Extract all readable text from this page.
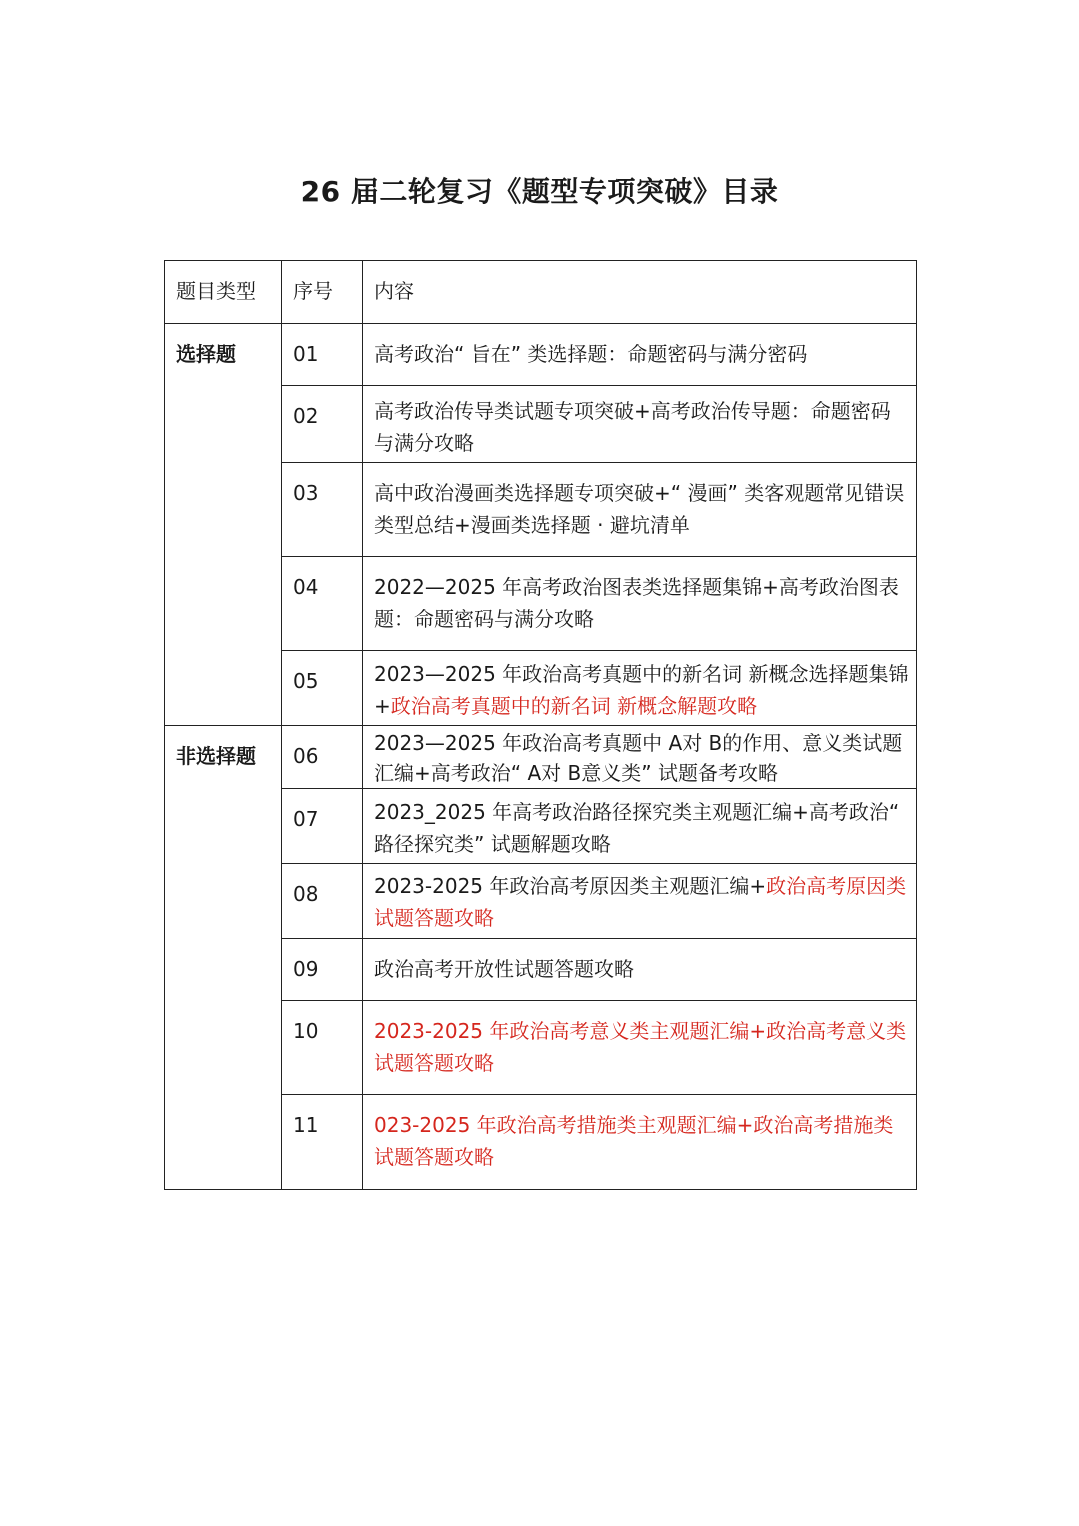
26 届二轮复习《题型专项突破》目录
题目类型	序号	内容

选择题	01	高考政治“ 旨在” 类选择题：命题密码与满分密码

	02	高考政治传导类试题专项突破+高考政治传导题：命题密码与满分攻略

	03	高中政治漫画类选择题专项突破+“ 漫画” 类客观题常见错误类型总结+漫画类选择题 · 避坑清单

	04	2022—2025 年高考政治图表类选择题集锦+高考政治图表题：命题密码与满分攻略

	05	2023—2025 年政治高考真题中的新名词 新概念选择题集锦+政治高考真题中的新名词 新概念解题攻略

非选择题	06	2023—2025 年政治高考真题中 A对 B的作用、意义类试题汇编+高考政治“ A对 B意义类” 试题备考攻略

	07	2023_2025 年高考政治路径探究类主观题汇编+高考政治“ 路径探究类” 试题解题攻略

	08	2023-2025 年政治高考原因类主观题汇编+政治高考原因类试题答题攻略

	09	政治高考开放性试题答题攻略

	10	2023-2025 年政治高考意义类主观题汇编+政治高考意义类试题答题攻略

	11	023-2025 年政治高考措施类主观题汇编+政治高考措施类试题答题攻略
